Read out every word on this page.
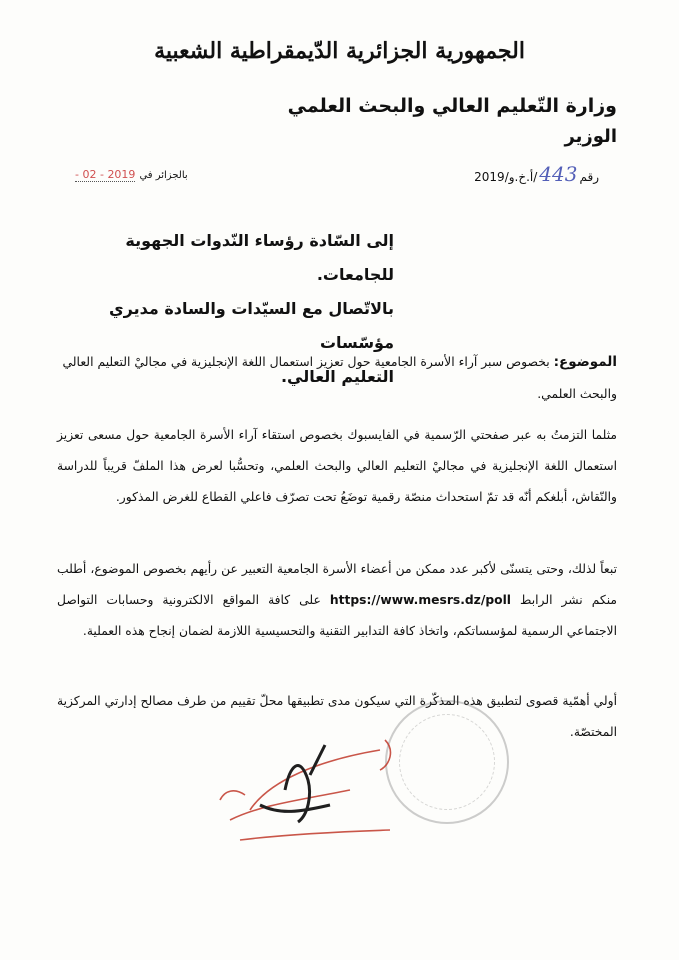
الجمهورية الجزائرية الدّيمقراطية الشعبية
وزارة التّعليم العالي والبحث العلمي
الوزير
رقم
443
/أ.خ.و/2019
بالجزائر في
2019 - 02 -
إلى السّادة رؤساء النّدوات الجهوية للجامعات.
بالاتّصال مع السيّدات والسادة مديري مؤسّسات
التعليم العالي.
الموضوع: بخصوص سبر آراء الأسرة الجامعية حول تعزيز استعمال اللغة الإنجليزية في مجاليْ التعليم العالي والبحث العلمي.
مثلما التزمتُ به عبر صفحتي الرّسمية في الفايسبوك بخصوص استقاء آراء الأسرة الجامعية حول مسعى تعزيز استعمال اللغة الإنجليزية في مجاليْ التعليم العالي والبحث العلمي، وتحسُّبا لعرض هذا الملفّ قريباً للدراسة والنّقاش، أبلغكم أنّه قد تمّ استحداث منصّة رقمية توضَعُ تحت تصرّف فاعلي القطاع للغرض المذكور.
تبعاً لذلك، وحتى يتسنّى لأكبر عدد ممكن من أعضاء الأسرة الجامعية التعبير عن رأيهم بخصوص الموضوع، أطلب منكم نشر الرابط https://www.mesrs.dz/poll على كافة المواقع الالكترونية وحسابات التواصل الاجتماعي الرسمية لمؤسساتكم، واتخاذ كافة التدابير التقنية والتحسيسية اللازمة لضمان إنجاح هذه العملية.
أولي أهمّية قصوى لتطبيق هذه المذكّرة التي سيكون مدى تطبيقها محلّ تقييم من طرف مصالح إدارتي المركزية المختصّة.
